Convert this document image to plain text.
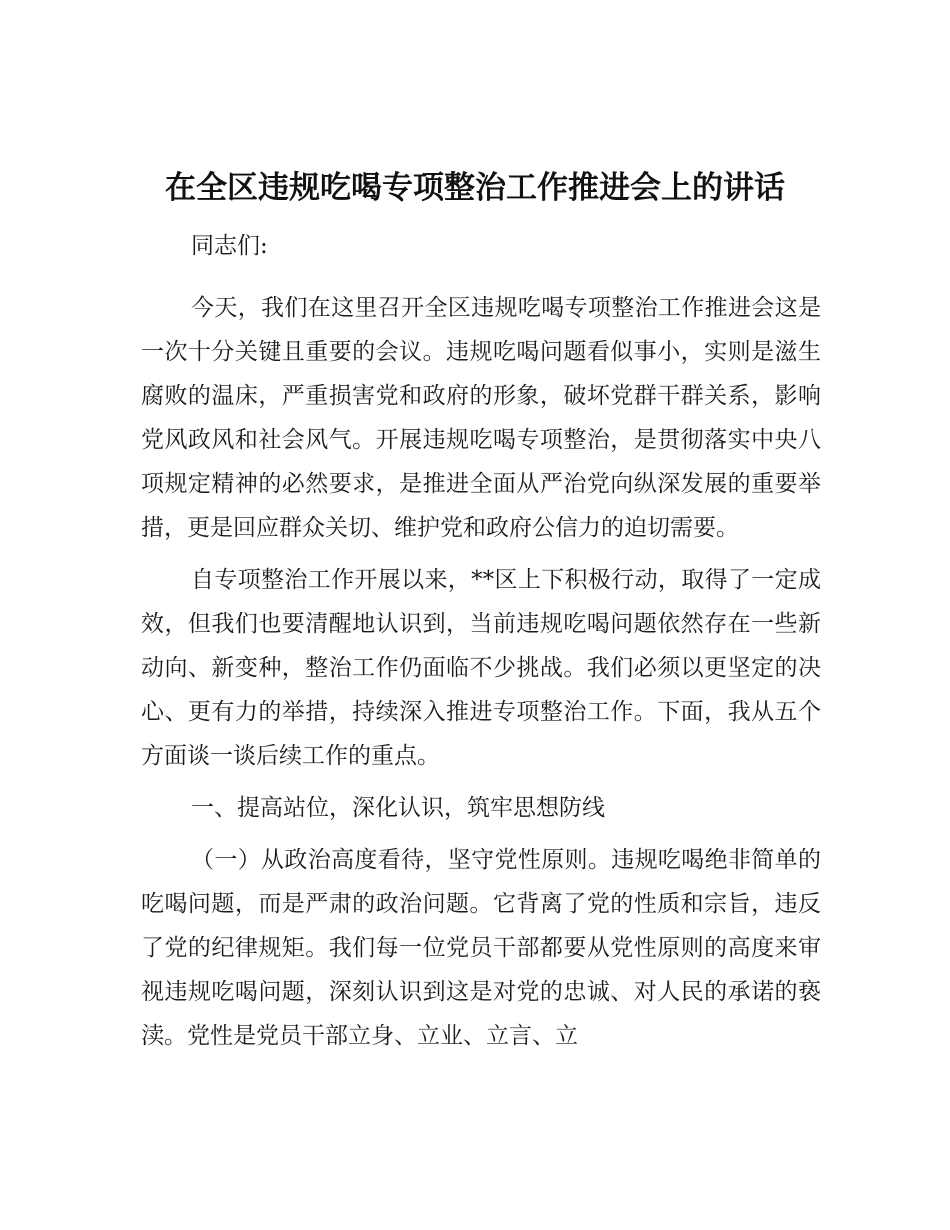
在全区违规吃喝专项整治工作推进会上的讲话

同志们:

今天，我们在这里召开全区违规吃喝专项整治工作推进会这是一次十分关键且重要的会议。违规吃喝问题看似事小，实则是滋生腐败的温床，严重损害党和政府的形象，破坏党群干群关系，影响党风政风和社会风气。开展违规吃喝专项整治，是贯彻落实中央八项规定精神的必然要求，是推进全面从严治党向纵深发展的重要举措，更是回应群众关切、维护党和政府公信力的迫切需要。

自专项整治工作开展以来，**区上下积极行动，取得了一定成效，但我们也要清醒地认识到，当前违规吃喝问题依然存在一些新动向、新变种，整治工作仍面临不少挑战。我们必须以更坚定的决心、更有力的举措，持续深入推进专项整治工作。下面，我从五个方面谈一谈后续工作的重点。

一、提高站位，深化认识，筑牢思想防线

（一）从政治高度看待，坚守党性原则。违规吃喝绝非简单的吃喝问题，而是严肃的政治问题。它背离了党的性质和宗旨，违反了党的纪律规矩。我们每一位党员干部都要从党性原则的高度来审视违规吃喝问题，深刻认识到这是对党的忠诚、对人民的承诺的亵渎。党性是党员干部立身、立业、立言、立
